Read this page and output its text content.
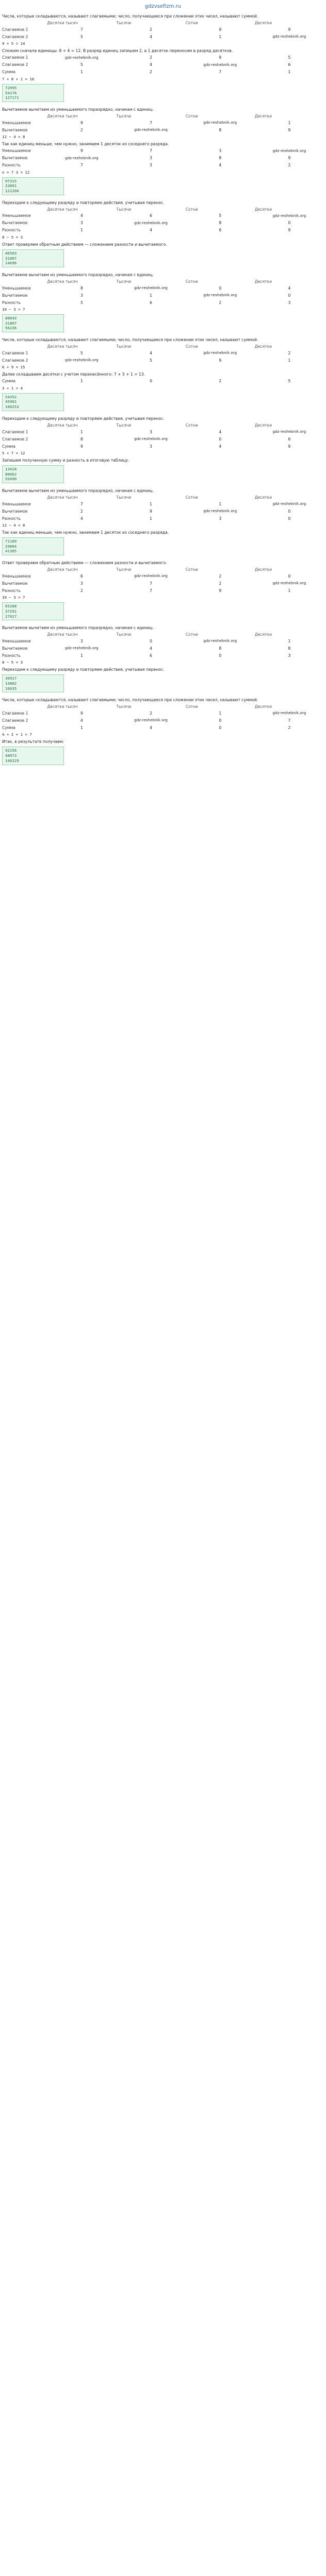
gdzvsefizm.ru
Числа, которые складываются, называют слагаемыми; число, получающееся при сложении этих чисел, называют суммой.
Десятки тысяч	Тысячи	Сотни	Десятки
Слагаемое 1	7	2	9	9
Слагаемое 2	5	4	1	gdz-reshebnik.org
9 + 5 = 14
Сложим сначала единицы: 8 + 4 = 12. В разряд единиц запишем 2, а 1 десяток переносим в разряд десятков.
Слагаемое 1	gdz-reshebnik.org	2	9	5
Слагаемое 2	5	4	gdz-reshebnik.org	6
Сумма	1	2	7	1
7 + 8 + 1 = 16
72995
54176
127171
Вычитаемое вычитаем из уменьшаемого поразрядно, начиная с единиц.
Десятки тысяч	Тысячи	Сотни	Десятки
Уменьшаемое	9	7	gdz-reshebnik.org	1
Вычитаемое	2	gdz-reshebnik.org	8	9
12 − 4 = 8
Так как единиц меньше, чем нужно, занимаем 1 десяток из соседнего разряда.
Уменьшаемое	9	7	3	gdz-reshebnik.org
Вычитаемое	gdz-reshebnik.org	3	8	9
Разность	7	3	4	2
n = 7 3 = 12
97315
23891
121206
Переходим к следующему разряду и повторяем действия, учитывая перенос.
Десятки тысяч	Тысячи	Сотни	Десятки
Уменьшаемое	4	6	5	gdz-reshebnik.org
Вычитаемое	3	gdz-reshebnik.org	8	0
Разность	1	4	6	9
8 − 5 = 3
Ответ проверяем обратным действием — сложением разности и вычитаемого.
46503
31807
14696
Вычитаемое вычитаем из уменьшаемого поразрядно, начиная с единиц.
Десятки тысяч	Тысячи	Сотни	Десятки
Уменьшаемое	8	gdz-reshebnik.org	0	4
Вычитаемое	3	1	gdz-reshebnik.org	0
Разность	5	6	2	3
10 − 3 = 7
88043
31807
56236
Числа, которые складываются, называют слагаемыми; число, получающееся при сложении этих чисел, называют суммой.
Десятки тысяч	Тысячи	Сотни	Десятки
Слагаемое 1	5	4	gdz-reshebnik.org	2
Слагаемое 2	gdz-reshebnik.org	5	9	1
6 + 9 = 15
Далее складываем десятки с учетом перенесённого: 7 + 5 + 1 = 13.
Сумма	1	0	2	5
3 + 1 = 4
54352
45901
100253
Переходим к следующему разряду и повторяем действия, учитывая перенос.
Десятки тысяч	Тысячи	Сотни	Десятки
Слагаемое 1	1	3	4	gdz-reshebnik.org
Слагаемое 2	8	gdz-reshebnik.org	0	6
Сумма	9	3	4	9
5 + 7 = 12
Запишем полученную сумму и разность в итоговую таблицу.
13428
80062
93490
Вычитаемое вычитаем из уменьшаемого поразрядно, начиная с единиц.
Десятки тысяч	Тысячи	Сотни	Десятки
Уменьшаемое	7	1	1	gdz-reshebnik.org
Вычитаемое	2	9	gdz-reshebnik.org	0
Разность	4	1	3	0
12 − 4 = 8
Так как единиц меньше, чем нужно, занимаем 1 десяток из соседнего разряда.
71109
29804
41305
Ответ проверяем обратным действием — сложением разности и вычитаемого.
Десятки тысяч	Тысячи	Сотни	Десятки
Уменьшаемое	6	gdz-reshebnik.org	2	0
Вычитаемое	3	7	2	gdz-reshebnik.org
Разность	2	7	9	1
10 − 3 = 7
65208
37291
27917
Вычитаемое вычитаем из уменьшаемого поразрядно, начиная с единиц.
Десятки тысяч	Тысячи	Сотни	Десятки
Уменьшаемое	3	0	gdz-reshebnik.org	1
Вычитаемое	gdz-reshebnik.org	4	8	8
Разность	1	6	0	3
8 − 5 = 3
Переходим к следующему разряду и повторяем действия, учитывая перенос.
30917
14882
16035
Числа, которые складываются, называют слагаемыми; число, получающееся при сложении этих чисел, называют суммой.
Десятки тысяч	Тысячи	Сотни	Десятки
Слагаемое 1	9	2	1	gdz-reshebnik.org
Слагаемое 2	4	gdz-reshebnik.org	0	7
Сумма	1	4	0	2
4 + 2 + 1 = 7
Итак, в результате получаем:
92156
48073
140229
